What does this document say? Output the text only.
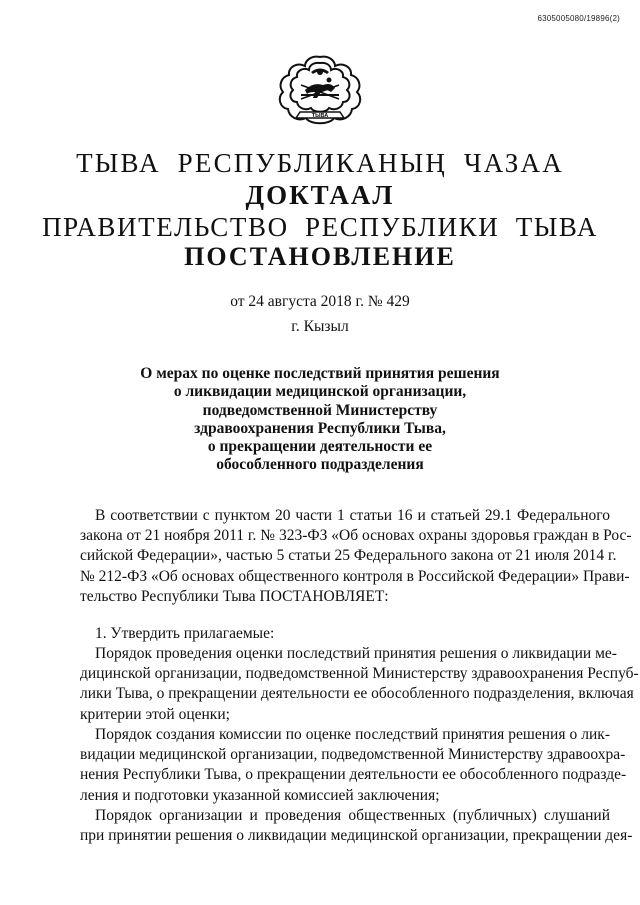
6305005080/19896(2)
ТЫВА
ТЫВА РЕСПУБЛИКАНЫҢ ЧАЗАА
ДОКТААЛ
ПРАВИТЕЛЬСТВО РЕСПУБЛИКИ ТЫВА
ПОСТАНОВЛЕНИЕ
от 24 августа 2018 г. № 429
г. Кызыл
О мерах по оценке последствий принятия решения
о ликвидации медицинской организации,
подведомственной Министерству
здравоохранения Республики Тыва,
о прекращении деятельности ее
обособленного подразделения
В соответствии с пунктом 20 части 1 статьи 16 и статьей 29.1 Федерального
закона от 21 ноября 2011 г. № 323-ФЗ «Об основах охраны здоровья граждан в Рос-
сийской Федерации», частью 5 статьи 25 Федерального закона от 21 июля 2014 г.
№ 212-ФЗ «Об основах общественного контроля в Российской Федерации» Прави-
тельство Республики Тыва ПОСТАНОВЛЯЕТ:
1. Утвердить прилагаемые:
Порядок проведения оценки последствий принятия решения о ликвидации ме-
дицинской организации, подведомственной Министерству здравоохранения Респуб-
лики Тыва, о прекращении деятельности ее обособленного подразделения, включая
критерии этой оценки;
Порядок создания комиссии по оценке последствий принятия решения о лик-
видации медицинской организации, подведомственной Министерству здравоохра-
нения Республики Тыва, о прекращении деятельности ее обособленного подразде-
ления и подготовки указанной комиссией заключения;
Порядок организации и проведения общественных (публичных) слушаний
при принятии решения о ликвидации медицинской организации, прекращении дея-
